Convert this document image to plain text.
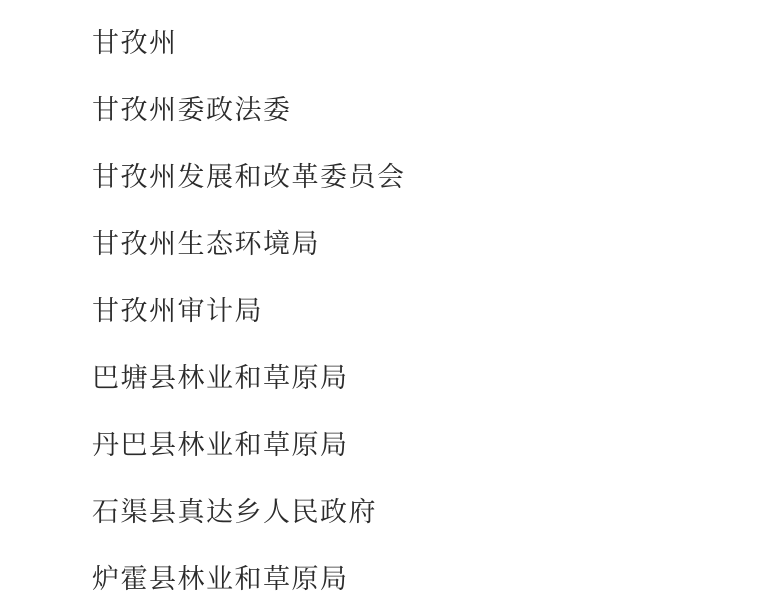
甘孜州
甘孜州委政法委
甘孜州发展和改革委员会
甘孜州生态环境局
甘孜州审计局
巴塘县林业和草原局
丹巴县林业和草原局
石渠县真达乡人民政府
炉霍县林业和草原局
